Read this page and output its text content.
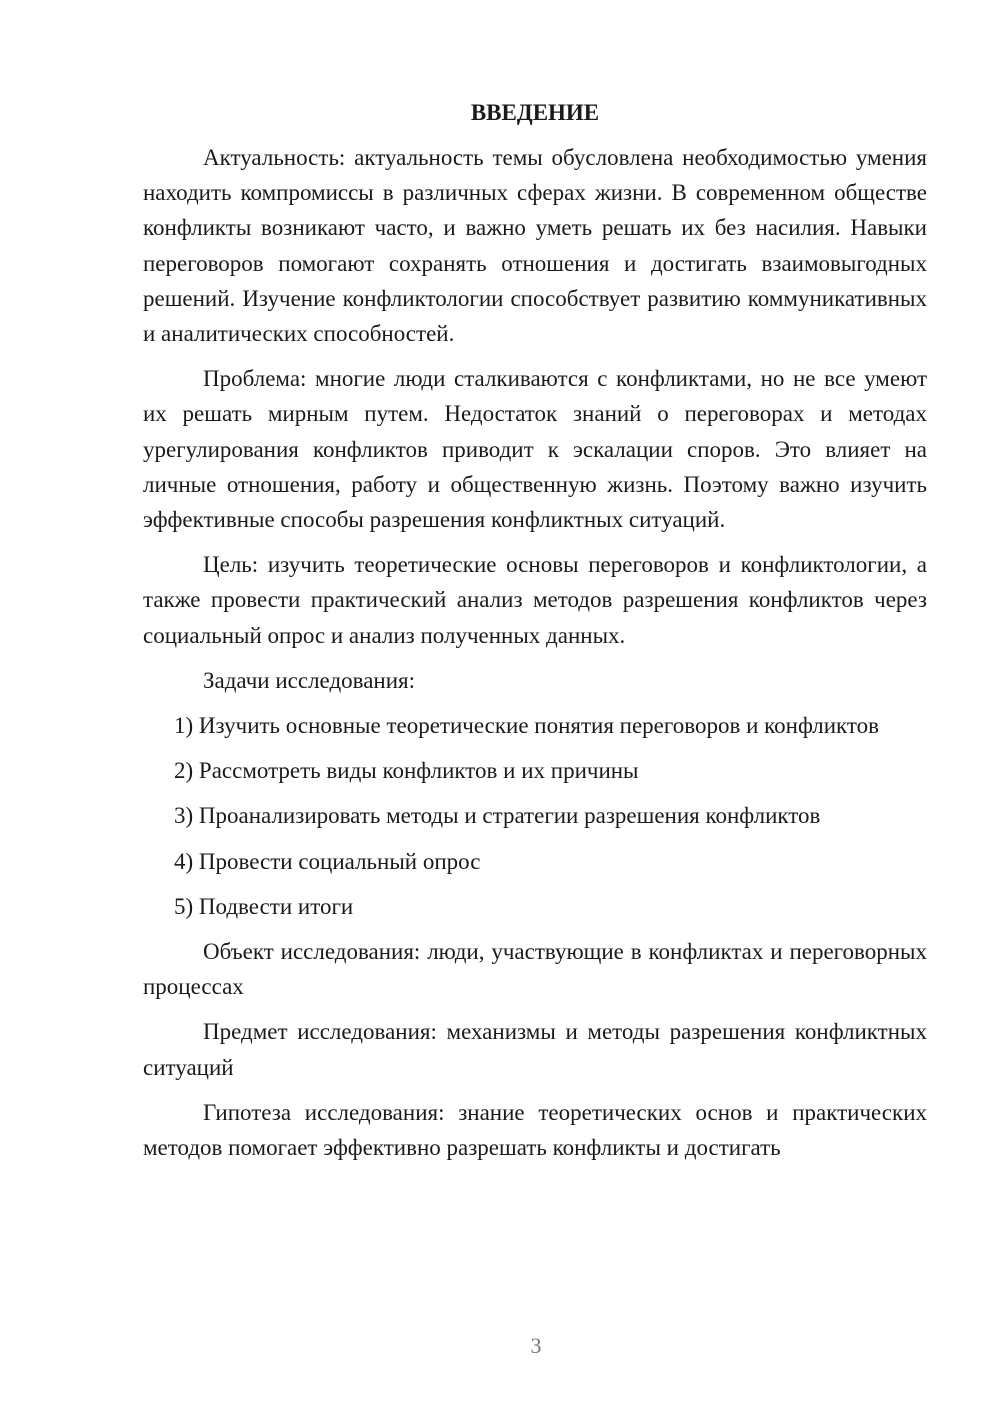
ВВЕДЕНИЕ

Актуальность: актуальность темы обусловлена необходимостью умения находить компромиссы в различных сферах жизни. В современном обществе конфликты возникают часто, и важно уметь решать их без насилия. Навыки переговоров помогают сохранять отношения и достигать взаимовыгодных решений. Изучение конфликтологии способствует развитию коммуникативных и аналитических способностей.

Проблема: многие люди сталкиваются с конфликтами, но не все умеют их решать мирным путем. Недостаток знаний о переговорах и методах урегулирования конфликтов приводит к эскалации споров. Это влияет на личные отношения, работу и общественную жизнь. Поэтому важно изучить эффективные способы разрешения конфликтных ситуаций.

Цель: изучить теоретические основы переговоров и конфликтологии, а также провести практический анализ методов разрешения конфликтов через социальный опрос и анализ полученных данных.

Задачи исследования:

1) Изучить основные теоретические понятия переговоров и конфликтов

2) Рассмотреть виды конфликтов и их причины

3) Проанализировать методы и стратегии разрешения конфликтов

4) Провести социальный опрос

5) Подвести итоги

Объект исследования: люди, участвующие в конфликтах и переговорных процессах

Предмет исследования: механизмы и методы разрешения конфликтных ситуаций

Гипотеза исследования: знание теоретических основ и практических методов помогает эффективно разрешать конфликты и достигать

3
